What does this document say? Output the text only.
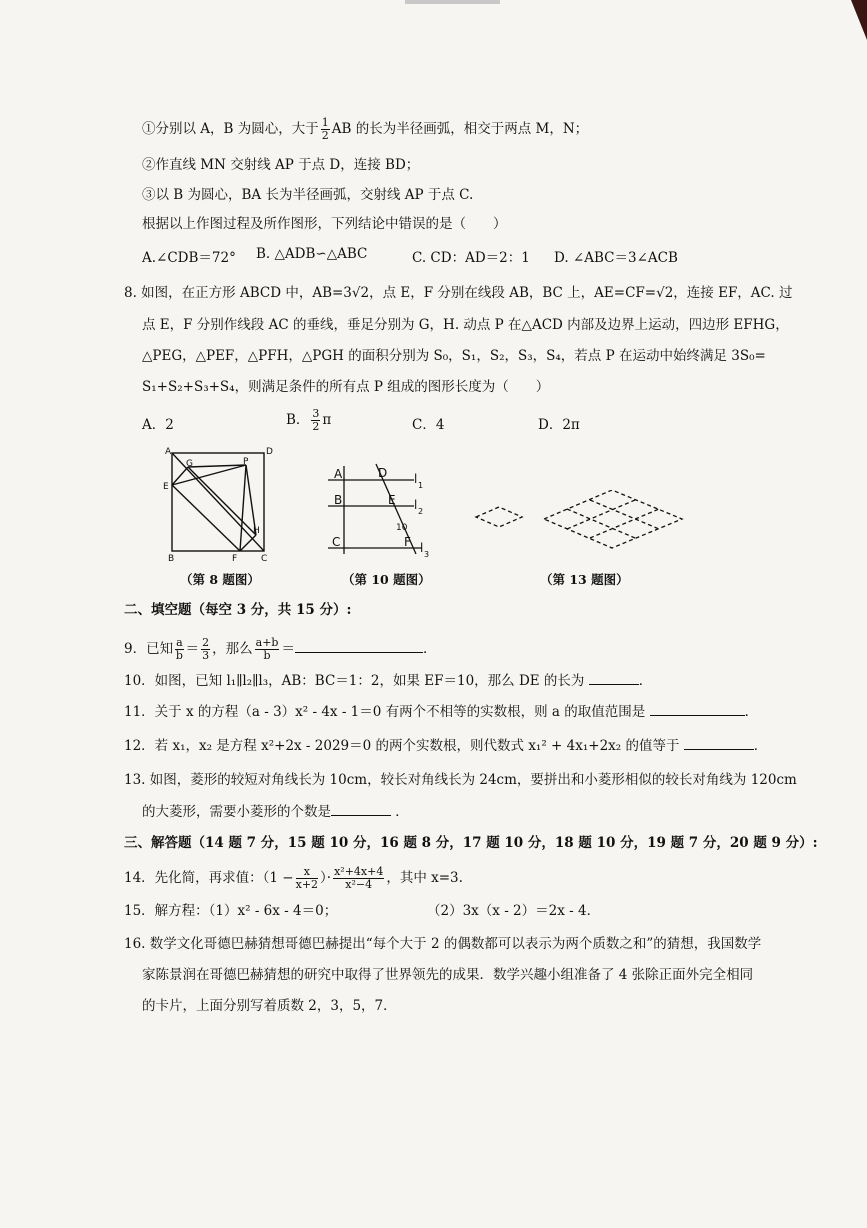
①分别以 A，B 为圆心，大于 $\frac{1}{2}$ AB 的长为半径画弧，相交于两点 M，N；
②作直线 MN 交射线 AP 于点 D，连接 BD；
③以 B 为圆心，BA 长为半径画弧，交射线 AP 于点 C.
根据以上作图过程及所作图形，下列结论中错误的是（　　）
A.∠CDB＝72° B. △ADB∽△ABC	C. CD：AD＝2：1 D. ∠ABC＝3∠ACB
8. 如图，在正方形 ABCD 中，AB=3√2，点 E，F 分别在线段 AB，BC 上，AE=CF=√2，连接 EF，AC. 过
点 E，F 分别作线段 AC 的垂线，垂足分别为 G，H. 动点 P 在△ACD 内部及边界上运动，四边形 EFHG，
△PEG，△PEF，△PFH，△PGH 的面积分别为 S₀，S₁，S₂，S₃，S₄，若点 P 在运动中始终满足 3S₀=
S₁+S₂+S₃+S₄，则满足条件的所有点 P 组成的图形长度为（　　）
A．2	B． $\frac{3}{2}$ π	C．4	D．2π
A	D
G	P
E
H
B	F	C
（第 8 题图）
A	D l 1
B	E l 2
10
C	F l 3
（第 10 题图）	（第 13 题图）
二、填空题（每空 3 分，共 15 分）:
9．已知 $\frac{a}{b} = \frac{2}{3}$ ，那么 $\frac{a+b}{b}$ ＝	．
10．如图，已知 l₁∥l₂∥l₃，AB：BC＝1：2，如果 EF＝10，那么 DE 的长为	．
11．关于 x 的方程（a - 3）x² - 4x - 1＝0 有两个不相等的实数根，则 a 的取值范围是	．
12．若 x₁，x₂ 是方程 x²+2x - 2029＝0 的两个实数根，则代数式 x₁² + 4x₁+2x₂ 的值等于	．
13. 如图，菱形的较短对角线长为 10cm，较长对角线长为 24cm，要拼出和小菱形相似的较长对角线为 120cm
的大菱形，需要小菱形的个数是	．
三、解答题（14 题 7 分，15 题 10 分，16 题 8 分，17 题 10 分，18 题 10 分，19 题 7 分，20 题 9 分）:
14．先化简，再求值：（$1 - \frac{x}{x+2}$ ）· $\frac{\text{x²+4x+4}}{\text{x²−4}}$ ，其中 x=3.
15．解方程：（1）x² - 6x - 4＝0；	（2）3x（x - 2）＝2x - 4．
16. 数学文化哥德巴赫猜想哥德巴赫提出“每个大于 2 的偶数都可以表示为两个质数之和”的猜想，我国数学
家陈景润在哥德巴赫猜想的研究中取得了世界领先的成果．数学兴趣小组准备了 4 张除正面外完全相同
的卡片，上面分别写着质数 2，3，5，7．
